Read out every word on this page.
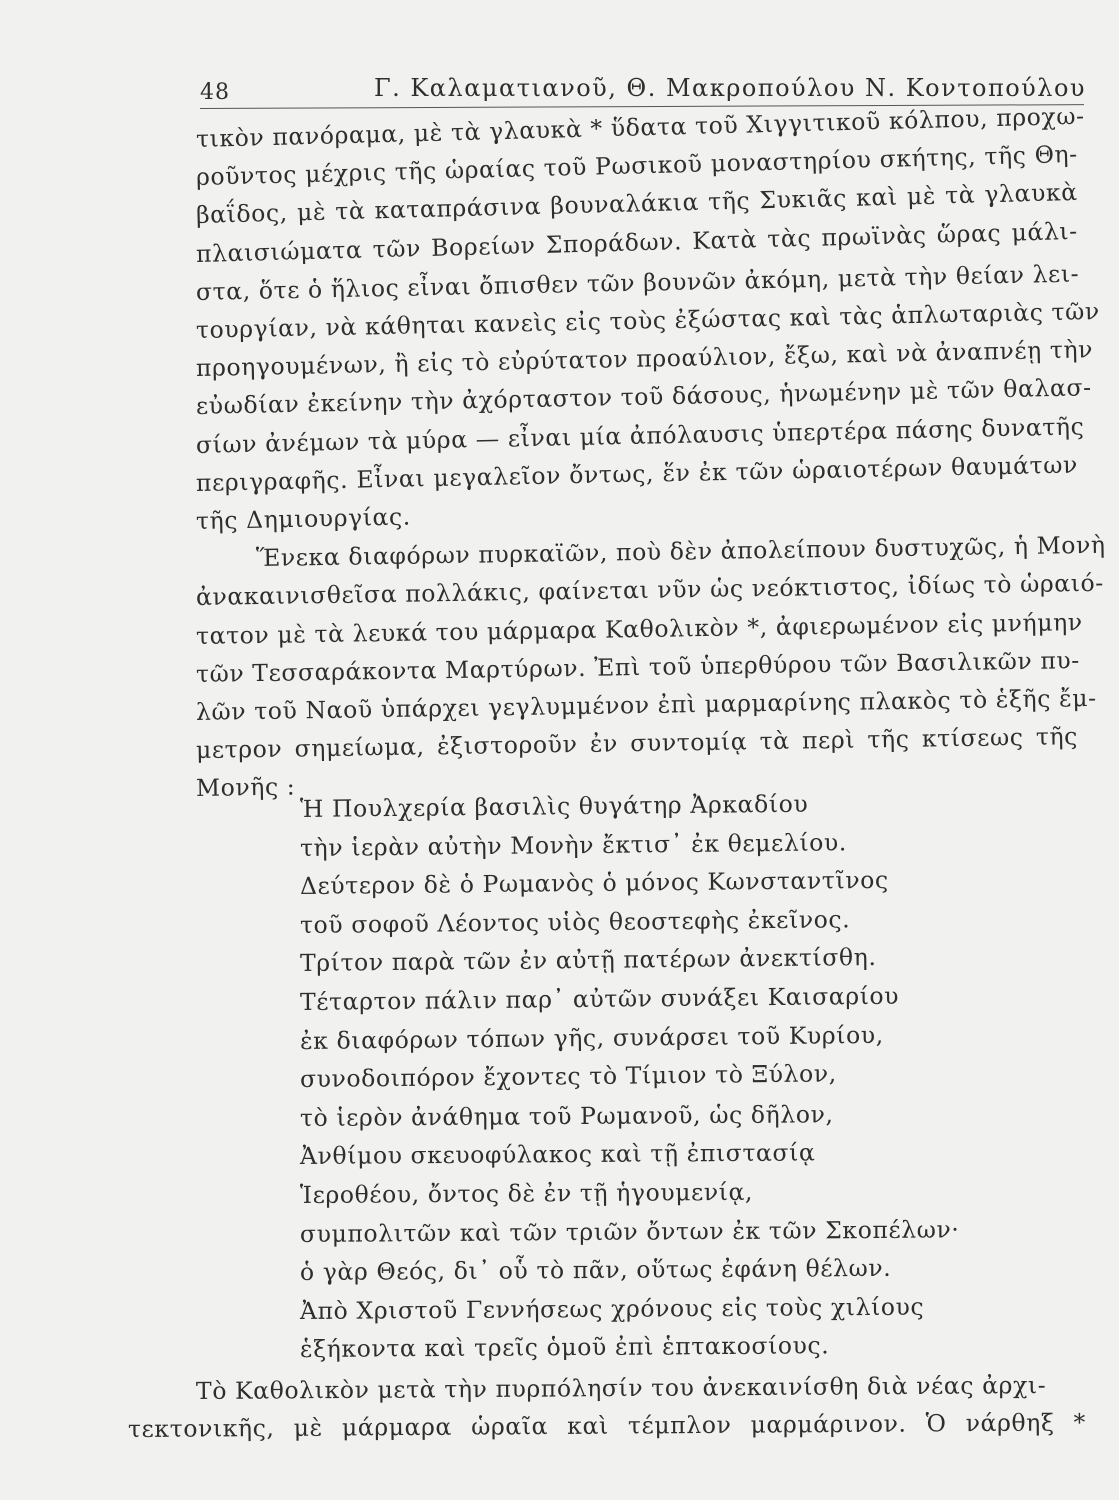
48	Γ. Καλαματιανοῦ, Θ. Μακροπούλου Ν. Κοντοπούλου
τικὸν πανόραμα, μὲ τὰ γλαυκὰ * ὕδατα τοῦ Χιγγιτικοῦ κόλπου, προχω-
ροῦντος μέχρις τῆς ὡραίας τοῦ Ρωσικοῦ μοναστηρίου σκήτης, τῆς Θη-
βαΐδος, μὲ τὰ καταπράσινα βουναλάκια τῆς Συκιᾶς καὶ μὲ τὰ γλαυκὰ
πλαισιώματα τῶν Βορείων Σποράδων. Κατὰ τὰς πρωϊνὰς ὥρας μάλι-
στα, ὅτε ὁ ἥλιος εἶναι ὄπισθεν τῶν βουνῶν ἀκόμη, μετὰ τὴν θείαν λει-
τουργίαν, νὰ κάθηται κανεὶς εἰς τοὺς ἐξώστας καὶ τὰς ἁπλωταριὰς τῶν
προηγουμένων, ἢ εἰς τὸ εὐρύτατον προαύλιον, ἔξω, καὶ νὰ ἀναπνέῃ τὴν
εὐωδίαν ἐκείνην τὴν ἀχόρταστον τοῦ δάσους, ἡνωμένην μὲ τῶν θαλασ-
σίων ἀνέμων τὰ μύρα — εἶναι μία ἀπόλαυσις ὑπερτέρα πάσης δυνατῆς
περιγραφῆς. Εἶναι μεγαλεῖον ὄντως, ἕν ἐκ τῶν ὡραιοτέρων θαυμάτων
τῆς Δημιουργίας.
Ἕνεκα διαφόρων πυρκαϊῶν, ποὺ δὲν ἀπολείπουν δυστυχῶς, ἡ Μονὴ
ἀνακαινισθεῖσα πολλάκις, φαίνεται νῦν ὡς νεόκτιστος, ἰδίως τὸ ὡραιό-
τατον μὲ τὰ λευκά του μάρμαρα Καθολικὸν *, ἀφιερωμένον εἰς μνήμην
τῶν Τεσσαράκοντα Μαρτύρων. Ἐπὶ τοῦ ὑπερθύρου τῶν Βασιλικῶν πυ-
λῶν τοῦ Ναοῦ ὑπάρχει γεγλυμμένον ἐπὶ μαρμαρίνης πλακὸς τὸ ἑξῆς ἔμ-
μετρον σημείωμα, ἐξιστοροῦν ἐν συντομίᾳ τὰ περὶ τῆς κτίσεως τῆς
Μονῆς :
Ἡ Πουλχερία βασιλὶς θυγάτηρ Ἀρκαδίου
τὴν ἱερὰν αὐτὴν Μονὴν ἔκτισ᾽ ἐκ θεμελίου.
Δεύτερον δὲ ὁ Ρωμανὸς ὁ μόνος Κωνσταντῖνος
τοῦ σοφοῦ Λέοντος υἱὸς θεοστεφὴς ἐκεῖνος.
Τρίτον παρὰ τῶν ἐν αὐτῇ πατέρων ἀνεκτίσθη.
Τέταρτον πάλιν παρ᾽ αὐτῶν συνάξει Καισαρίου
ἐκ διαφόρων τόπων γῆς, συνάρσει τοῦ Κυρίου,
συνοδοιπόρον ἔχοντες τὸ Τίμιον τὸ Ξύλον,
τὸ ἱερὸν ἀνάθημα τοῦ Ρωμανοῦ, ὡς δῆλον,
Ἀνθίμου σκευοφύλακος καὶ τῇ ἐπιστασίᾳ
Ἱεροθέου, ὄντος δὲ ἐν τῇ ἡγουμενίᾳ,
συμπολιτῶν καὶ τῶν τριῶν ὄντων ἐκ τῶν Σκοπέλων·
ὁ γὰρ Θεός, δι᾽ οὗ τὸ πᾶν, οὕτως ἐφάνη θέλων.
Ἀπὸ Χριστοῦ Γεννήσεως χρόνους εἰς τοὺς χιλίους
ἑξήκοντα καὶ τρεῖς ὁμοῦ ἐπὶ ἑπτακοσίους.
Τὸ Καθολικὸν μετὰ τὴν πυρπόλησίν του ἀνεκαινίσθη διὰ νέας ἀρχι-
τεκτονικῆς, μὲ μάρμαρα ὡραῖα καὶ τέμπλον μαρμάρινον. Ὁ νάρθηξ *
